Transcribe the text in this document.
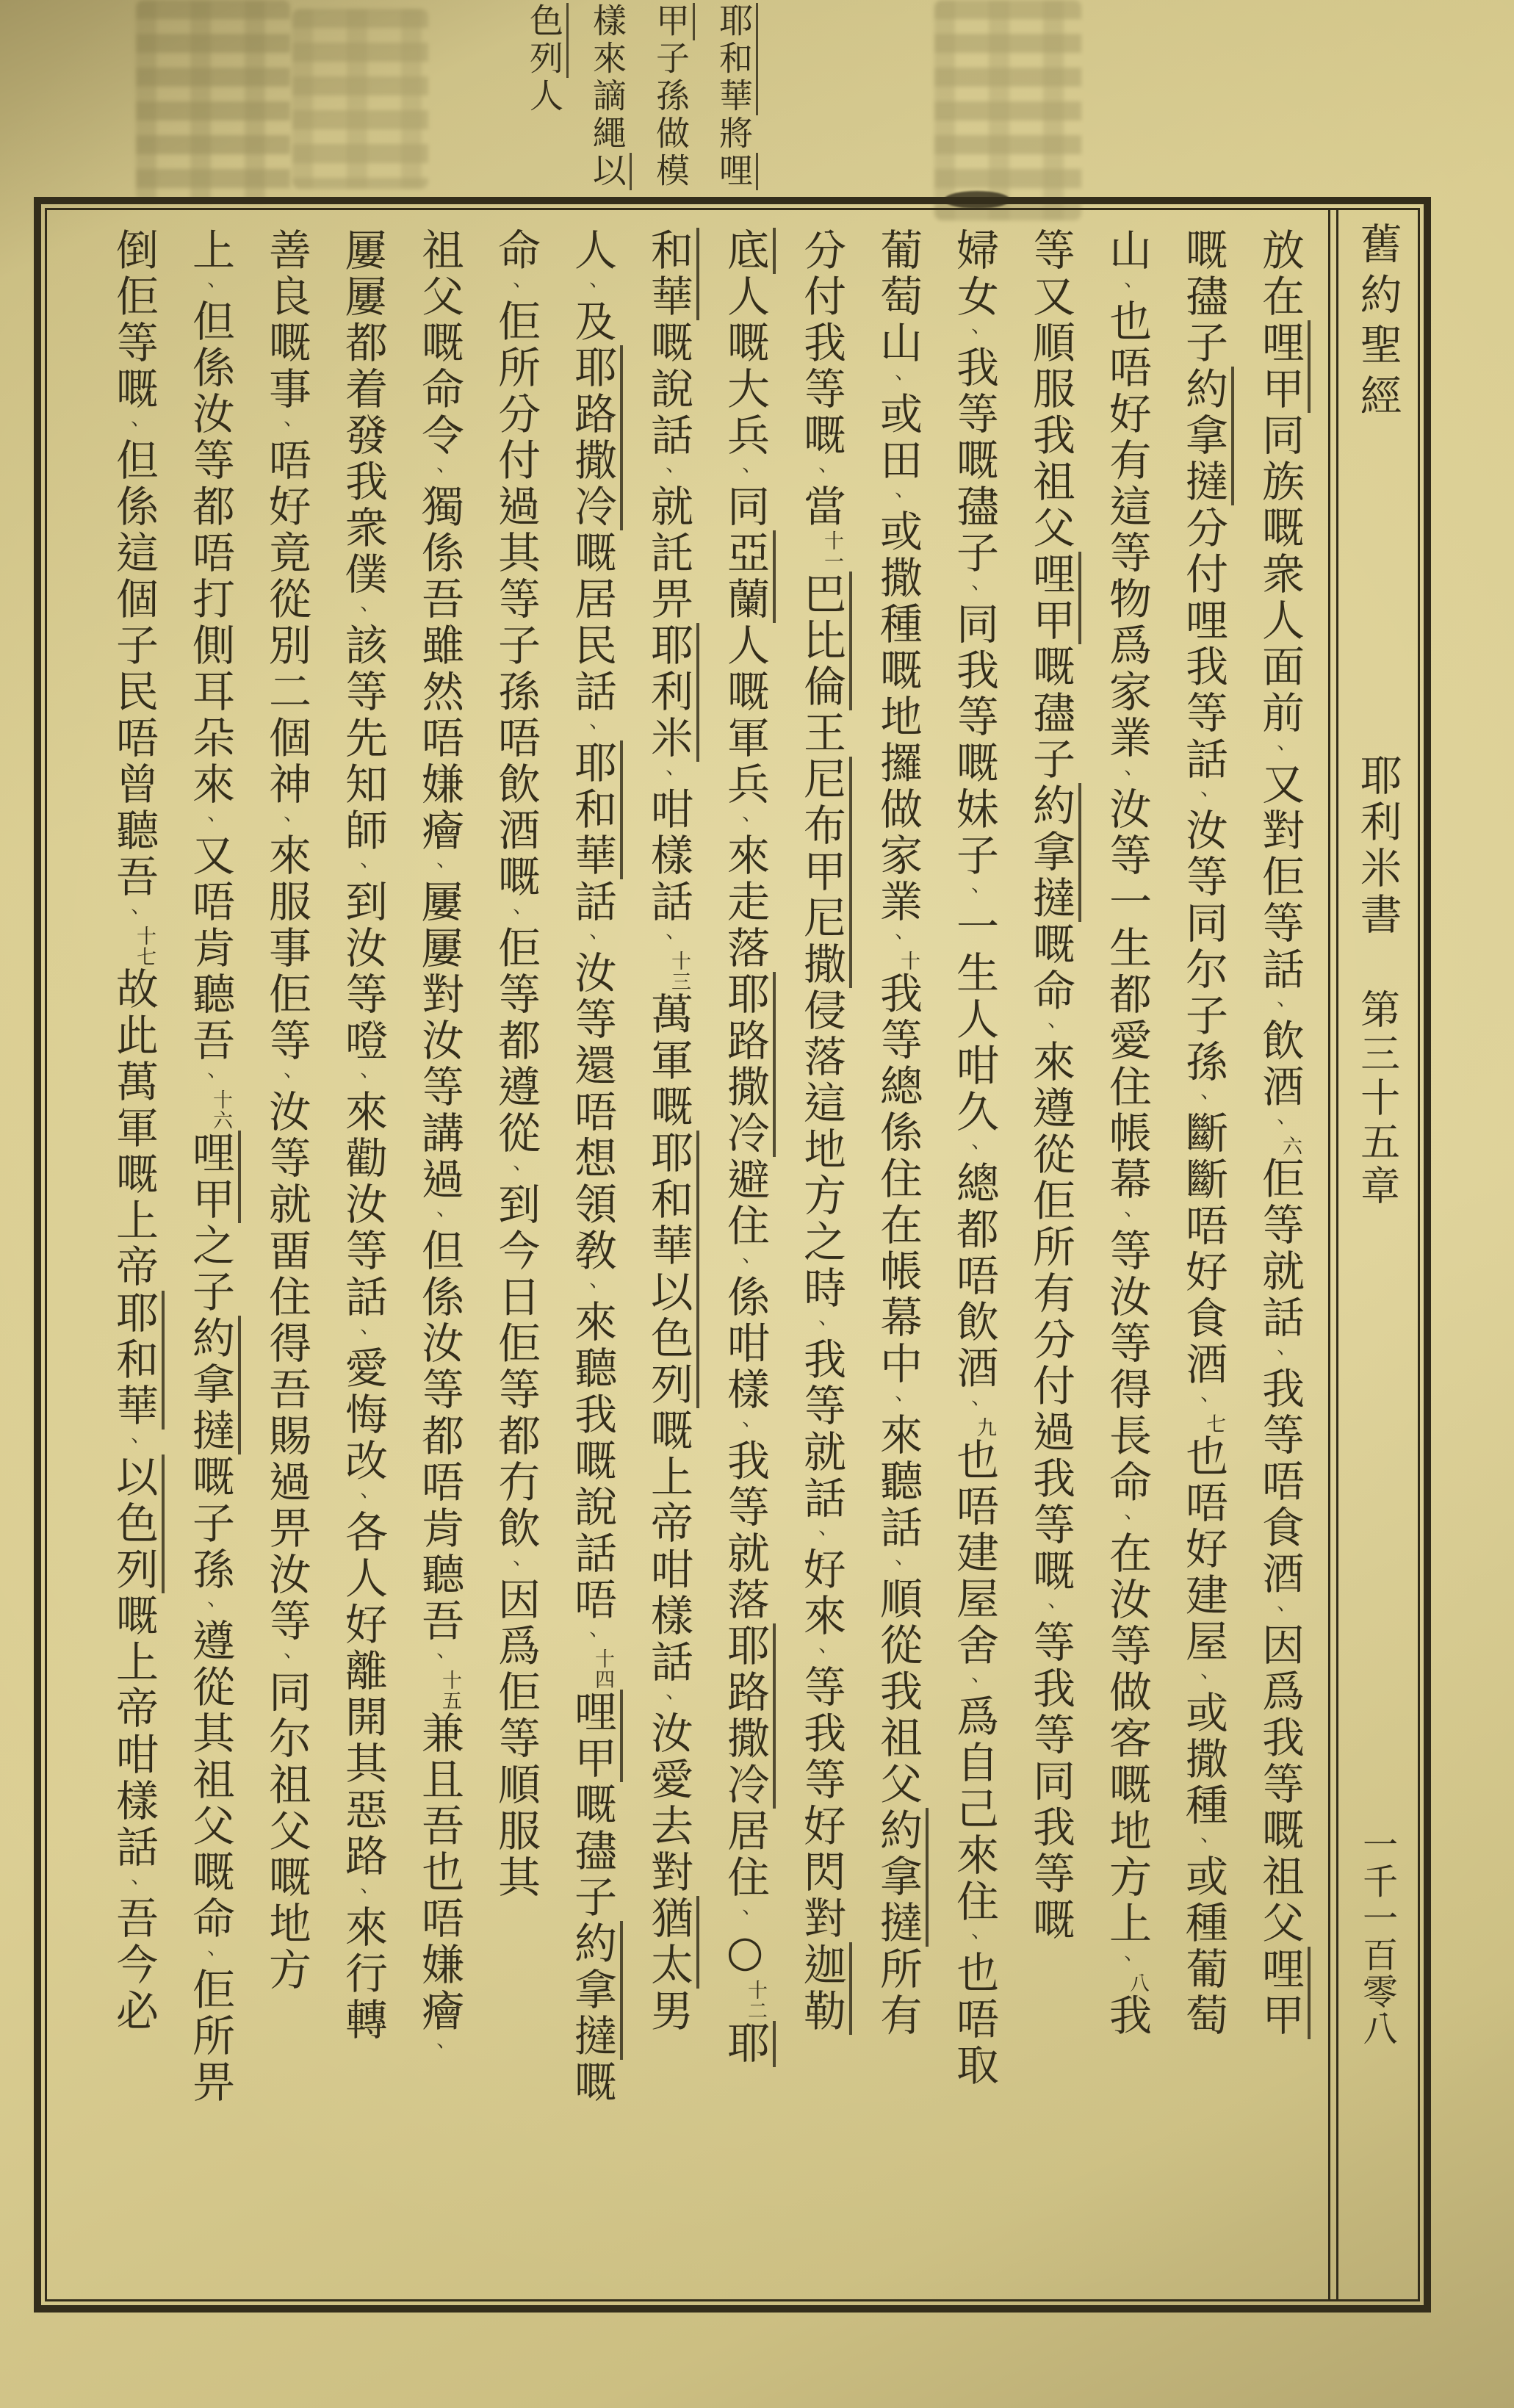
耶和華將哩

甲子孫做模

樣來謫繩以

色列人

放在哩甲同族嘅衆人面前、又對佢等話、飲酒、六佢等就話、我等唔食酒、因爲我等嘅祖父哩甲

嘅孻子約拿撻分付哩我等話、汝等同尔子孫、斷斷唔好食酒、七也唔好建屋、或撒種、或種葡萄

山、也唔好有這等物爲家業、汝等一生都愛住帳幕、等汝等得長命、在汝等做客嘅地方上、八我

等又順服我祖父哩甲嘅孻子約拿撻嘅命、來遵從佢所有分付過我等嘅、等我等同我等嘅

婦女、我等嘅孻子、同我等嘅妹子、一生人咁久、總都唔飲酒、九也唔建屋舍、爲自己來住、也唔取

葡萄山、或田、或撒種嘅地攞做家業、十我等總係住在帳幕中、來聽話、順從我祖父約拿撻所有

分付我等嘅、當十一巴比倫王尼布甲尼撒侵落這地方之時、我等就話、好來、等我等好閃對迦勒

底人嘅大兵、同亞蘭人嘅軍兵、來走落耶路撒冷避住、係咁樣、我等就落耶路撒冷居住、○十二耶

和華嘅說話、就託畀耶利米、咁樣話、十三萬軍嘅耶和華以色列嘅上帝咁樣話、汝愛去對猶太男

人、及耶路撒冷嘅居民話、耶和華話、汝等還唔想領敎、來聽我嘅說話唔、十四哩甲嘅孻子約拿撻嘅

命、佢所分付過其等子孫唔飲酒嘅、佢等都遵從、到今日佢等都冇飲、因爲佢等順服其

祖父嘅命令、獨係吾雖然唔嫌癐、屢屢對汝等講過、但係汝等都唔肯聽吾、十五兼且吾也唔嫌癐、

屢屢都着發我衆僕、該等先知師、到汝等噔、來勸汝等話、愛悔改、各人好離開其惡路、來行轉

善良嘅事、唔好竟從別二個神、來服事佢等、汝等就畱住得吾賜過畀汝等、同尔祖父嘅地方

上、但係汝等都唔打側耳朵來、又唔肯聽吾、十六哩甲之子約拿撻嘅子孫、遵從其祖父嘅命、佢所畀

倒佢等嘅、但係這個子民唔曾聽吾、十七故此萬軍嘅上帝耶和華、以色列嘅上帝咁樣話、吾今必

舊約聖經
耶利米書
第三十五章
一千一百零八
